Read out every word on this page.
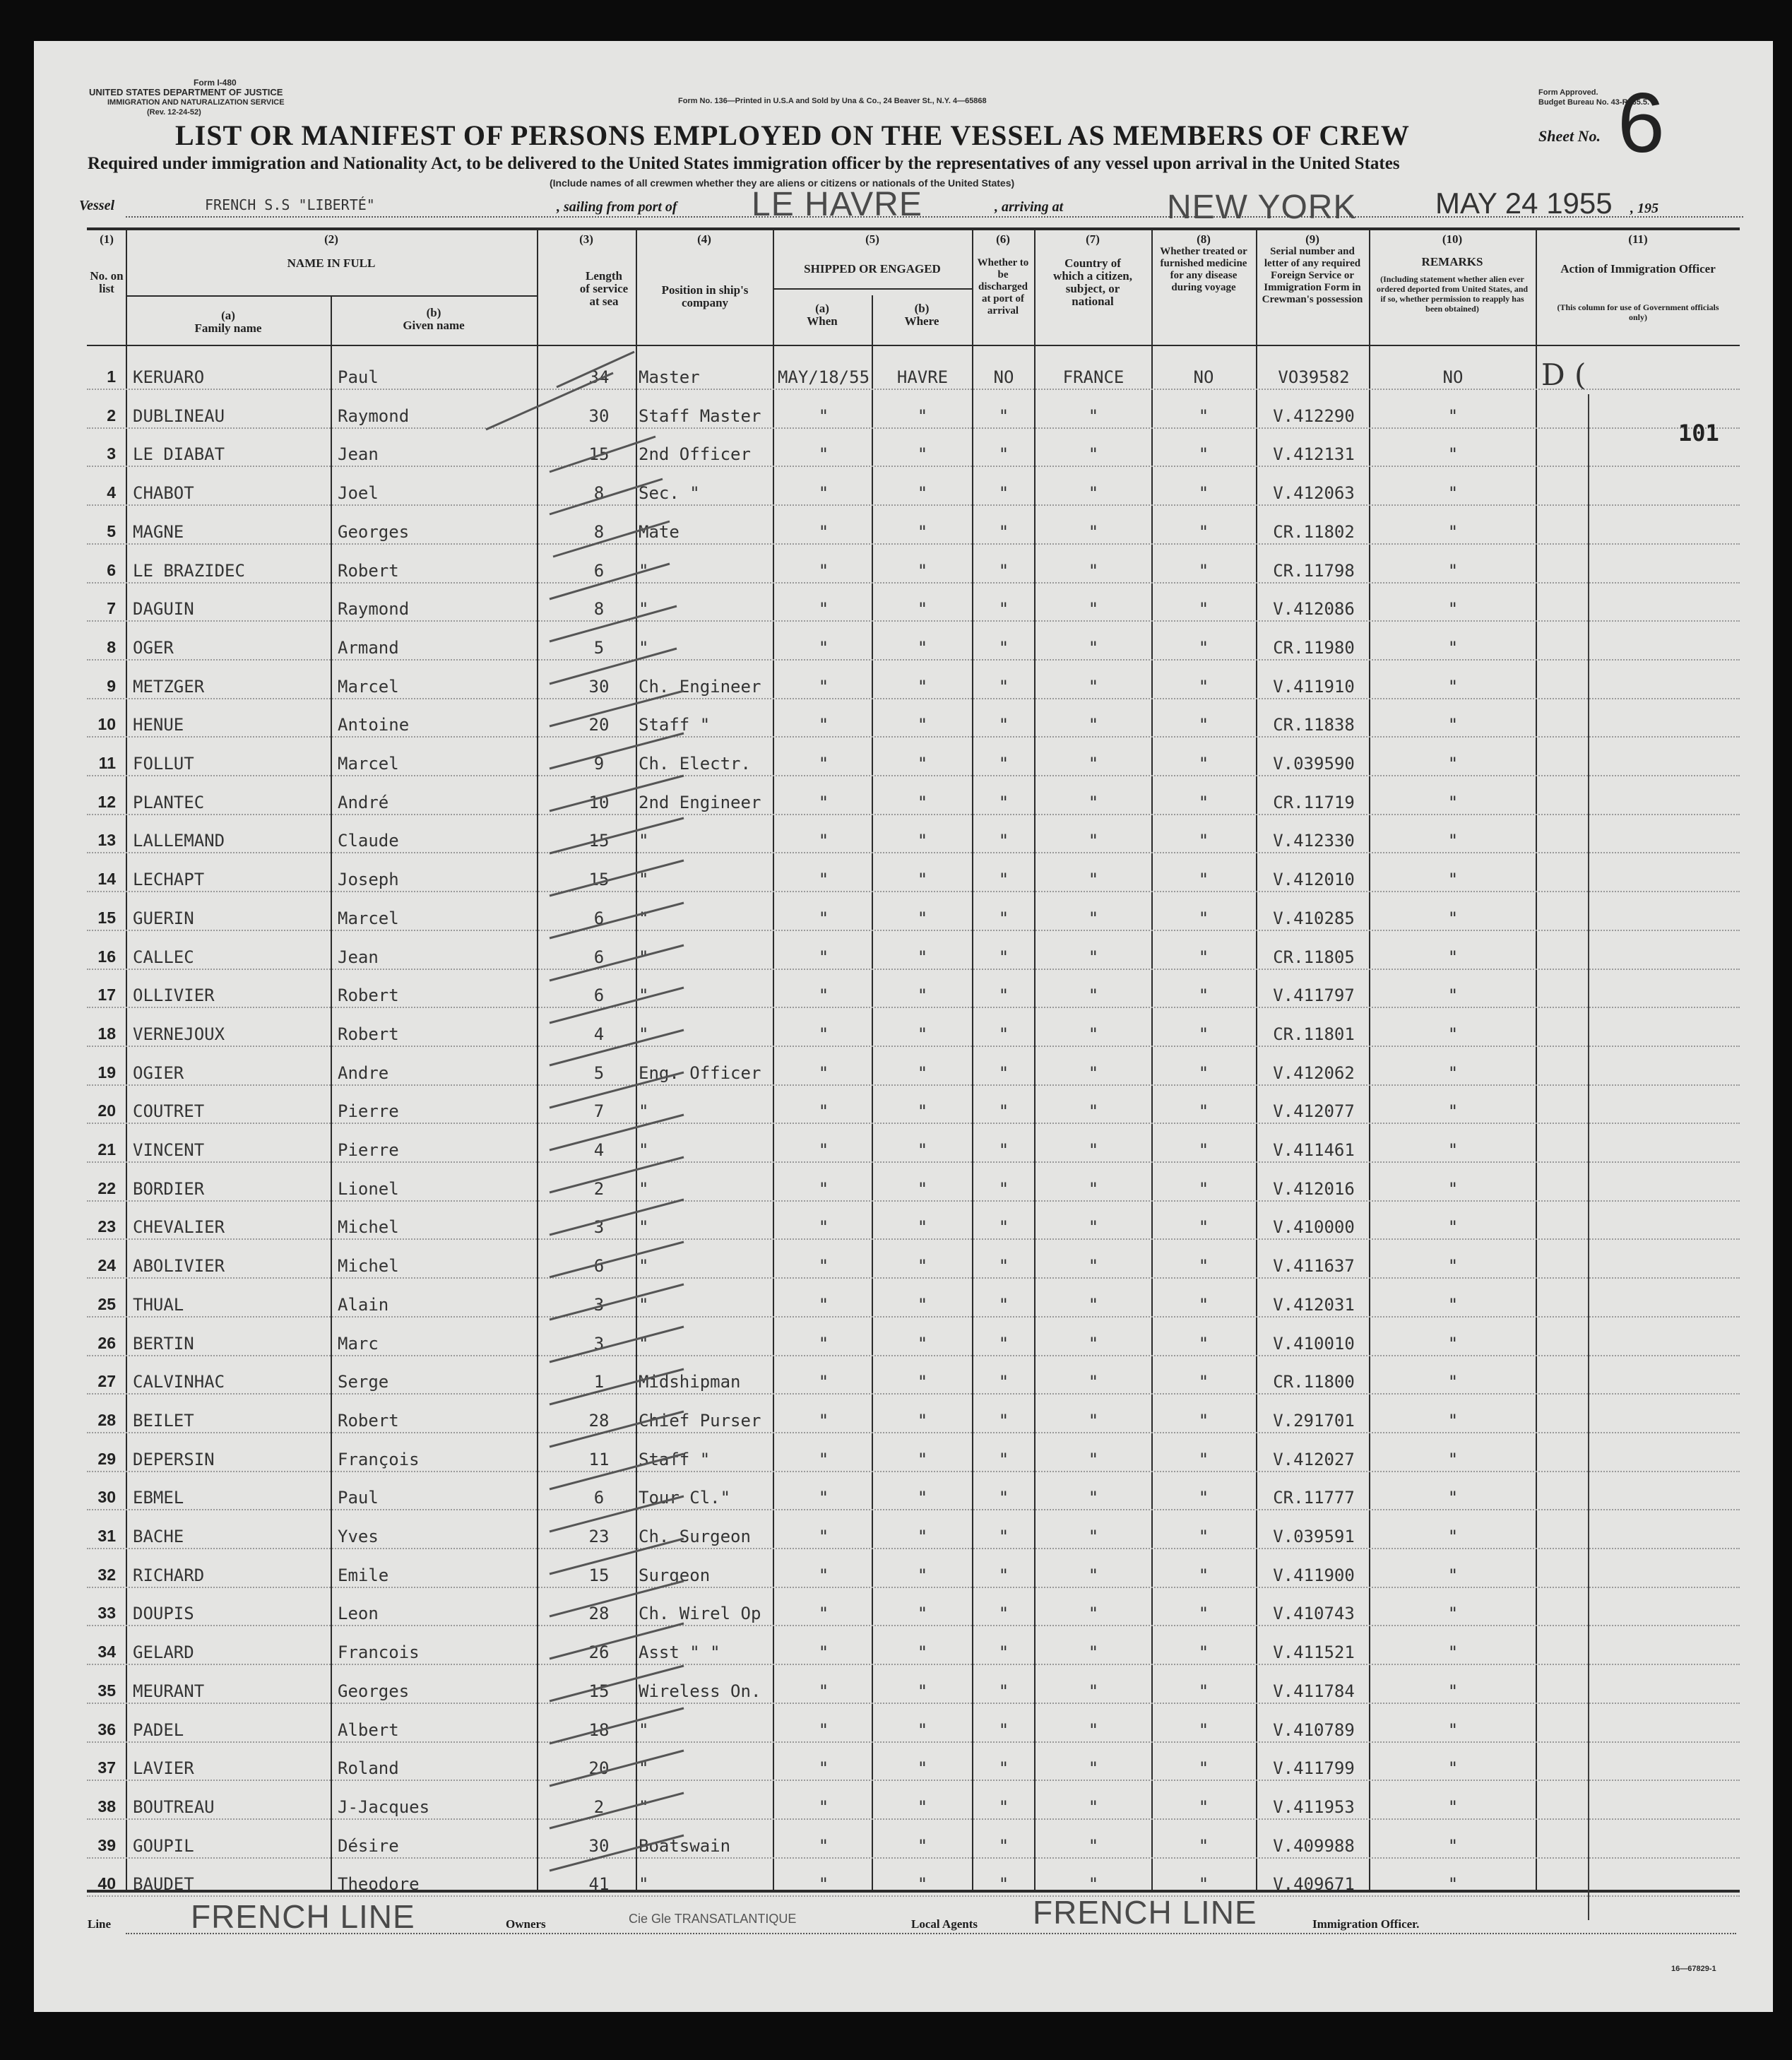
Form I-480
UNITED STATES DEPARTMENT OF JUSTICE
IMMIGRATION AND NATURALIZATION SERVICE
(Rev. 12-24-52)
Form No. 136—Printed in U.S.A and Sold by Una & Co., 24 Beaver St., N.Y. 4—65868
Form Approved.
Budget Bureau No. 43-R065.5.
Sheet No. 6
LIST OR MANIFEST OF PERSONS EMPLOYED ON THE VESSEL AS MEMBERS OF CREW
Required under immigration and Nationality Act, to be delivered to the United States immigration officer by the representatives of any vessel upon arrival in the United States
(Include names of all crewmen whether they are aliens or citizens or nationals of the United States)
Vessel	FRENCH S.S "LIBERTÉ"	, sailing from port of LE HAVRE	, arriving at	NEW YORK	MAY 24 1955 , 195
(1)
No. on list
(2)
NAME IN FULL
(a)
Family name
(b)
Given name
(3)
Length of service at sea
(4)
Position in ship's company
(5)
SHIPPED OR ENGAGED
(a)
When
(b)
Where
(6)
Whether to be discharged at port of arrival
(7)
Country of which a citizen, subject, or national
(8)
Whether treated or furnished medicine for any disease during voyage
(9)
Serial number and letter of any required Foreign Service or Immigration Form in Crewman's possession
(10)
REMARKS
(Including statement whether alien ever ordered deported from United States, and if so, whether permission to reapply has been obtained)
(11)
Action of Immigration Officer
(This column for use of Government officials only)
1 KERUARO	Paul	34	Master	MAY/18/55	HAVRE	NO	FRANCE	NO	VO39582	NO
2 DUBLINEAU	Raymond	30	Staff Master	"	"	"	"	"	V.412290	"
3 LE DIABAT	Jean	15	2nd Officer	"	"	"	"	"	V.412131	"
4 CHABOT	Joel	8	Sec. "	"	"	"	"	"	V.412063	"
5 MAGNE	Georges	8	Mate	"	"	"	"	"	CR.11802	"
6 LE BRAZIDEC	Robert	6	"	"	"	"	"	"	CR.11798	"
7 DAGUIN	Raymond	8	"	"	"	"	"	"	V.412086	"
8 OGER	Armand	5	"	"	"	"	"	"	CR.11980	"
9 METZGER	Marcel	30	Ch. Engineer	"	"	"	"	"	V.411910	"
10 HENUE	Antoine	20	Staff "	"	"	"	"	"	CR.11838	"
11 FOLLUT	Marcel	9	Ch. Electr.	"	"	"	"	"	V.039590	"
12 PLANTEC	André	10	2nd Engineer	"	"	"	"	"	CR.11719	"
13 LALLEMAND	Claude	15	"	"	"	"	"	"	V.412330	"
14 LECHAPT	Joseph	15	"	"	"	"	"	"	V.412010	"
15 GUERIN	Marcel	6	"	"	"	"	"	"	V.410285	"
16 CALLEC	Jean	6	"	"	"	"	"	"	CR.11805	"
17 OLLIVIER	Robert	6	"	"	"	"	"	"	V.411797	"
18 VERNEJOUX	Robert	4	"	"	"	"	"	"	CR.11801	"
19 OGIER	Andre	5	Eng. Officer	"	"	"	"	"	V.412062	"
20 COUTRET	Pierre	7	"	"	"	"	"	"	V.412077	"
21 VINCENT	Pierre	4	"	"	"	"	"	"	V.411461	"
22 BORDIER	Lionel	2	"	"	"	"	"	"	V.412016	"
23 CHEVALIER	Michel	3	"	"	"	"	"	"	V.410000	"
24 ABOLIVIER	Michel	6	"	"	"	"	"	"	V.411637	"
25 THUAL	Alain	3	"	"	"	"	"	"	V.412031	"
26 BERTIN	Marc	3	"	"	"	"	"	"	V.410010	"
27 CALVINHAC	Serge	1	Midshipman	"	"	"	"	"	CR.11800	"
28 BEILET	Robert	28	Chief Purser	"	"	"	"	"	V.291701	"
29 DEPERSIN	François	11	Staff "	"	"	"	"	"	V.412027	"
30 EBMEL	Paul	6	Tour Cl."	"	"	"	"	"	CR.11777	"
31 BACHE	Yves	23	Ch. Surgeon	"	"	"	"	"	V.039591	"
32 RICHARD	Emile	15	Surgeon	"	"	"	"	"	V.411900	"
33 DOUPIS	Leon	28	Ch. Wirel Op	"	"	"	"	"	V.410743	"
34 GELARD	Francois	26	Asst " "	"	"	"	"	"	V.411521	"
35 MEURANT	Georges	15	Wireless On.	"	"	"	"	"	V.411784	"
36 PADEL	Albert	18	"	"	"	"	"	"	V.410789	"
37 LAVIER	Roland	20	"	"	"	"	"	"	V.411799	"
38 BOUTREAU	J-Jacques	2	"	"	"	"	"	"	V.411953	"
39 GOUPIL	Désire	30	Boatswain	"	"	"	"	"	V.409988	"
40 BAUDET	Theodore	41	"	"	"	"	"	"	V.409671	"
101
D (
Line FRENCH LINE	Owners	Cie Gle TRANSATLANTIQUE	Local Agents FRENCH LINE	Immigration Officer.
16—67829-1
